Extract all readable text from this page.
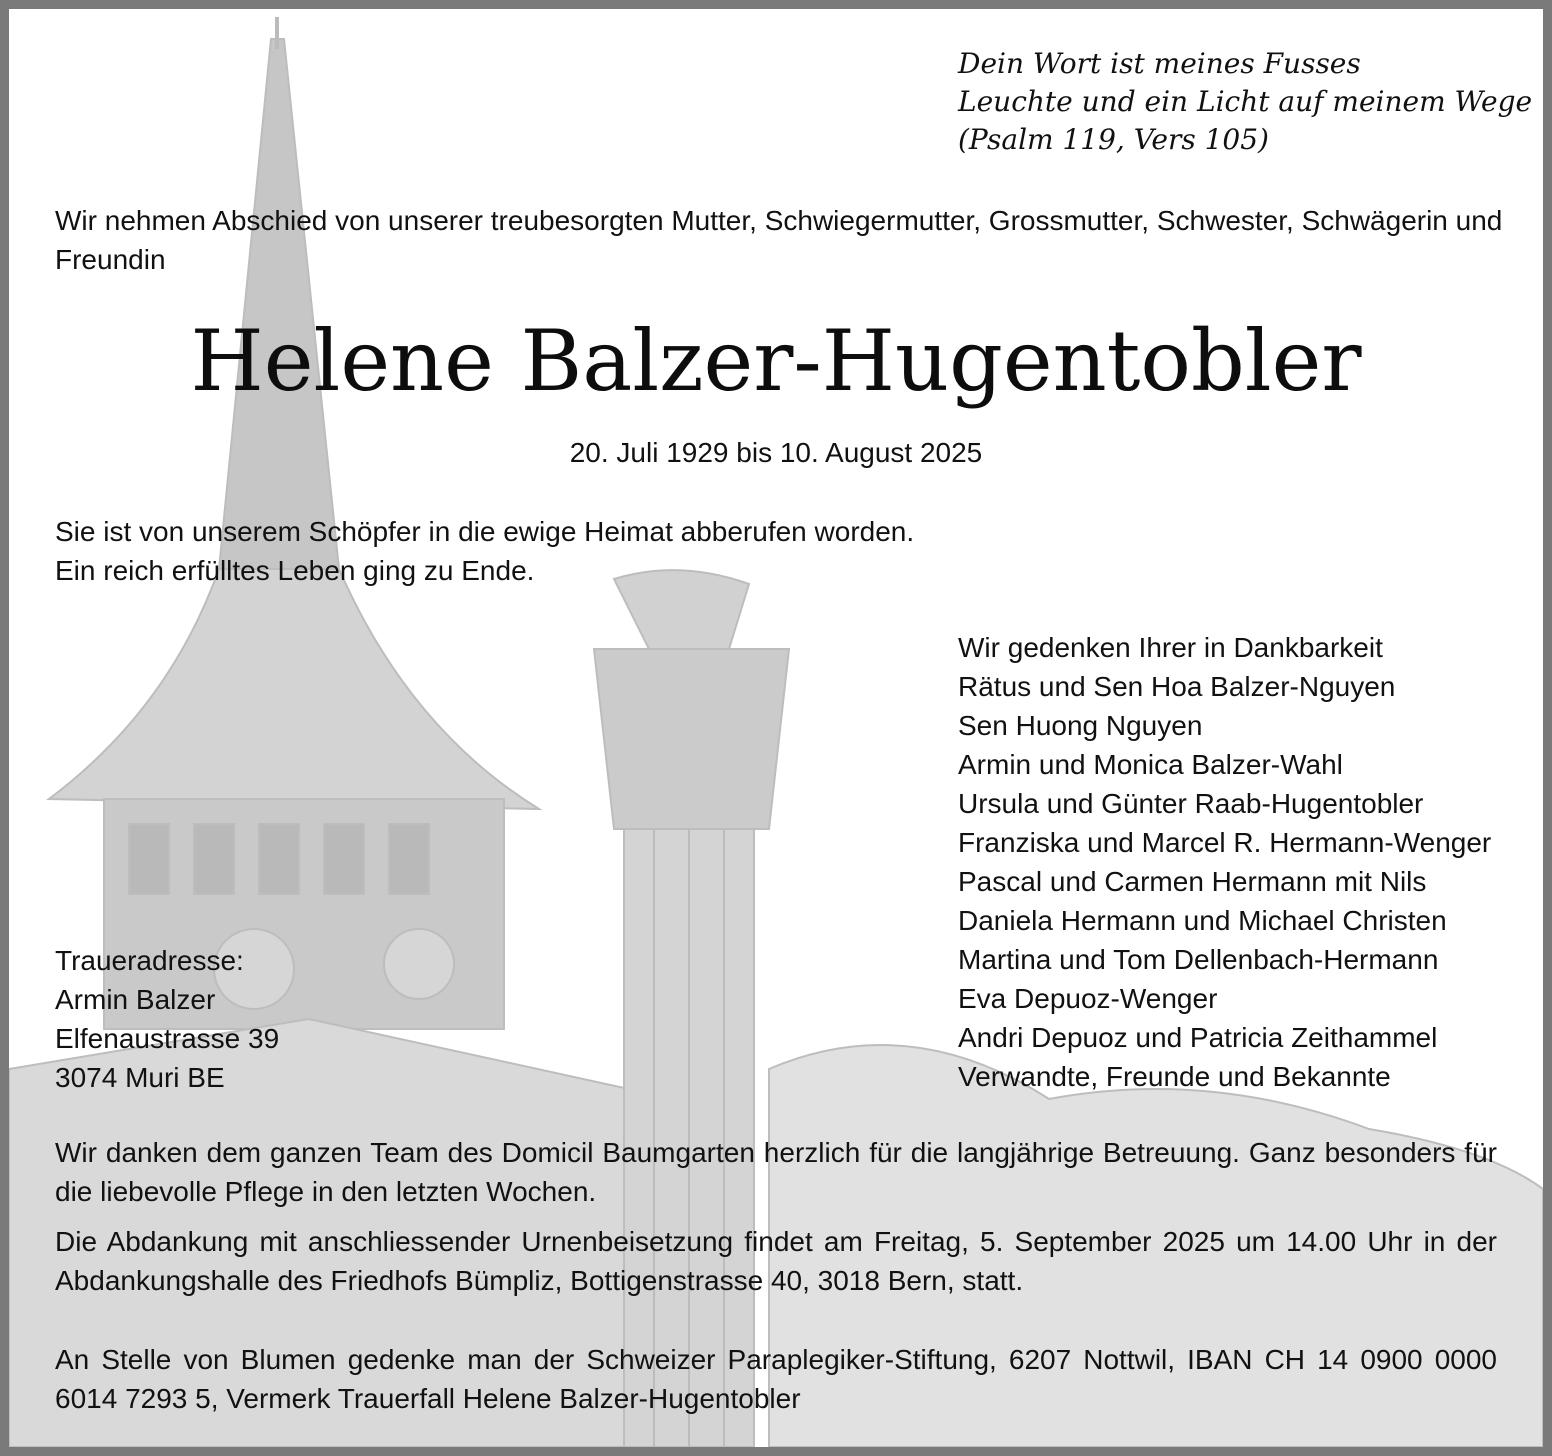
Dein Wort ist meines Fusses
Leuchte und ein Licht auf meinem Wege
(Psalm 119, Vers 105)
Wir nehmen Abschied von unserer treubesorgten Mutter, Schwiegermutter, Grossmutter, Schwester, Schwägerin und Freundin
Helene Balzer-Hugentobler
20. Juli 1929 bis 10. August 2025
Sie ist von unserem Schöpfer in die ewige Heimat abberufen worden.
Ein reich erfülltes Leben ging zu Ende.
Wir gedenken Ihrer in Dankbarkeit
Rätus und Sen Hoa Balzer-Nguyen
Sen Huong Nguyen
Armin und Monica Balzer-Wahl
Ursula und Günter Raab-Hugentobler
Franziska und Marcel R. Hermann-Wenger
Pascal und Carmen Hermann mit Nils
Daniela Hermann und Michael Christen
Martina und Tom Dellenbach-Hermann
Eva Depuoz-Wenger
Andri Depuoz und Patricia Zeithammel
Verwandte, Freunde und Bekannte
Traueradresse:
Armin Balzer
Elfenaustrasse 39
3074 Muri BE
Wir danken dem ganzen Team des Domicil Baumgarten herzlich für die langjährige Betreuung. Ganz besonders für die liebevolle Pflege in den letzten Wochen.
Die Abdankung mit anschliessender Urnenbeisetzung findet am Freitag, 5. September 2025 um 14.00 Uhr in der Abdankungshalle des Friedhofs Bümpliz, Bottigenstrasse 40, 3018 Bern, statt.
An Stelle von Blumen gedenke man der Schweizer Paraplegiker-Stiftung, 6207 Nottwil, IBAN CH 14 0900 0000 6014 7293 5, Vermerk Trauerfall Helene Balzer-Hugentobler
